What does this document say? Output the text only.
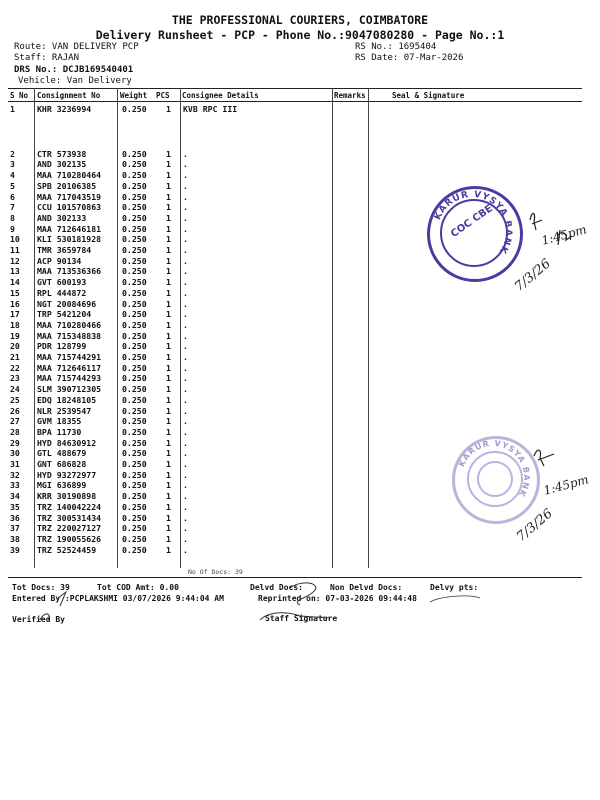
THE PROFESSIONAL COURIERS, COIMBATORE
Delivery Runsheet - PCP - Phone No.:9047080280 - Page No.:1
Route: VAN DELIVERY PCP
Staff: RAJAN
DRS No.: DCJB169540401
Vehicle: Van Delivery
RS No.: 1695404
RS Date: 07-Mar-2026
S No Consignment No	Weight PCS Consignee Details	Remarks	Seal & Signature
1	KHR 3236994	0.250 1 KVB RPC III
2	CTR 573938	0.250 1 .
3	AND 302135	0.250 1 .
4	MAA 710280464	0.250 1 .
5	SPB 20106385	0.250 1 .
6	MAA 717043519	0.250 1 .
7	CCU 101570863	0.250 1 .
8	AND 302133	0.250 1 .
9	MAA 712646181	0.250 1 .
10 KLI 530181928	0.250 1 .
11 TMR 3659784	0.250 1 .
12 ACP 90134	0.250 1 .
13 MAA 713536366	0.250 1 .
14 GVT 600193	0.250 1 .
15 RPL 444872	0.250 1 .
16 NGT 20084696	0.250 1 .
17 TRP 5421204	0.250 1 .
18 MAA 710280466	0.250 1 .
19 MAA 715348838	0.250 1 .
20 PDR 128799	0.250 1 .
21 MAA 715744291	0.250 1 .
22 MAA 712646117	0.250 1 .
23 MAA 715744293	0.250 1 .
24 SLM 390712305	0.250 1 .
25 EDQ 18248105	0.250 1 .
26 NLR 2539547	0.250 1 .
27 GVM 18355	0.250 1 .
28 BPA 11730	0.250 1 .
29 HYD 84630912	0.250 1 .
30 GTL 488679	0.250 1 .
31 GNT 686828	0.250 1 .
32 HYD 93272977	0.250 1 .
33 MGI 636899	0.250 1 .
34 KRR 30190898	0.250 1 .
35 TRZ 140042224	0.250 1 .
36 TRZ 300531434	0.250 1 .
37 TRZ 220027127	0.250 1 .
38 TRZ 190055626	0.250 1 .
39 TRZ 52524459	0.250 1 .
No Of Docs: 39
Tot Docs: 39	Tot COD Amt: 0.00	Delvd Docs:	Non Delvd Docs:	Delvy pts:
Entered By :PCPLAKSHMI 03/07/2026 9:44:04 AM	Reprinted on: 07-03-2026 09:44:48
Verified By	Staff Signature
KARUR VYSYA BANK
COC CBE
KARUR VYSYA BANK
1:45pm
7/3/26
1:45pm
7/3/26
